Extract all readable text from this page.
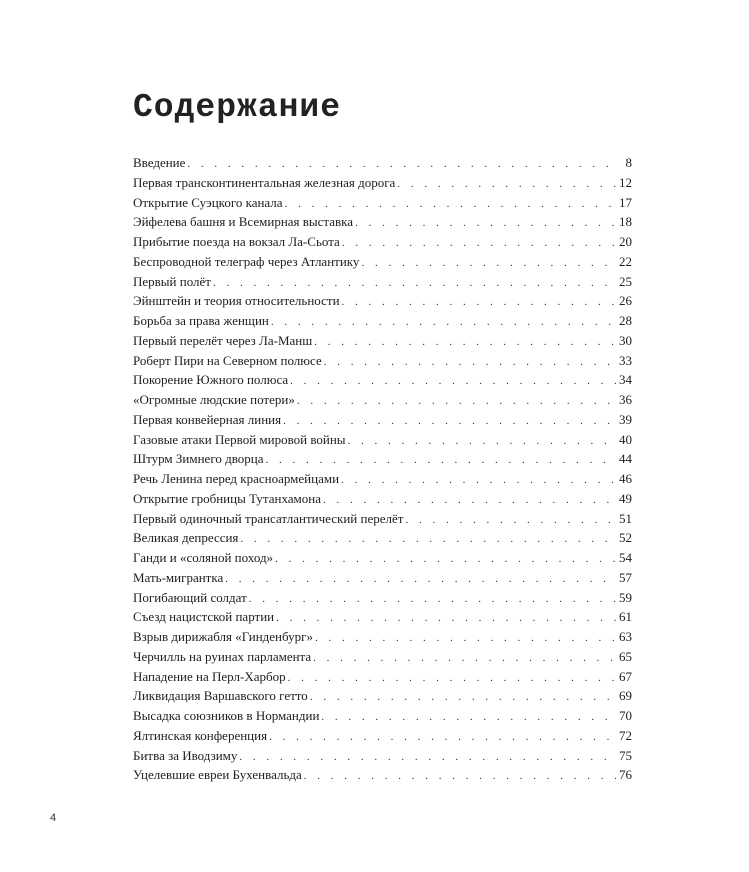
Содержание
Введение . . .	8
Первая трансконтинентальная железная дорога . . .	12
Открытие Суэцкого канала . . .	17
Эйфелева башня и Всемирная выставка . . .	18
Прибытие поезда на вокзал Ла-Сьота . . .	20
Беспроводной телеграф через Атлантику . . .	22
Первый полёт . . .	25
Эйнштейн и теория относительности . . .	26
Борьба за права женщин . . .	28
Первый перелёт через Ла-Манш . . .	30
Роберт Пири на Северном полюсе . . .	33
Покорение Южного полюса . . .	34
«Огромные людские потери» . . .	36
Первая конвейерная линия . . .	39
Газовые атаки Первой мировой войны . . .	40
Штурм Зимнего дворца . . .	44
Речь Ленина перед красноармейцами . . .	46
Открытие гробницы Тутанхамона . . .	49
Первый одиночный трансатлантический перелёт . . .	51
Великая депрессия . . .	52
Ганди и «соляной поход» . . .	54
Мать-мигрантка . . .	57
Погибающий солдат . . .	59
Съезд нацистской партии . . .	61
Взрыв дирижабля «Гинденбург» . . .	63
Черчилль на руинах парламента . . .	65
Нападение на Перл-Харбор . . .	67
Ликвидация Варшавского гетто . . .	69
Высадка союзников в Нормандии . . .	70
Ялтинская конференция . . .	72
Битва за Иводзиму . . .	75
Уцелевшие евреи Бухенвальда . . .	76
4
